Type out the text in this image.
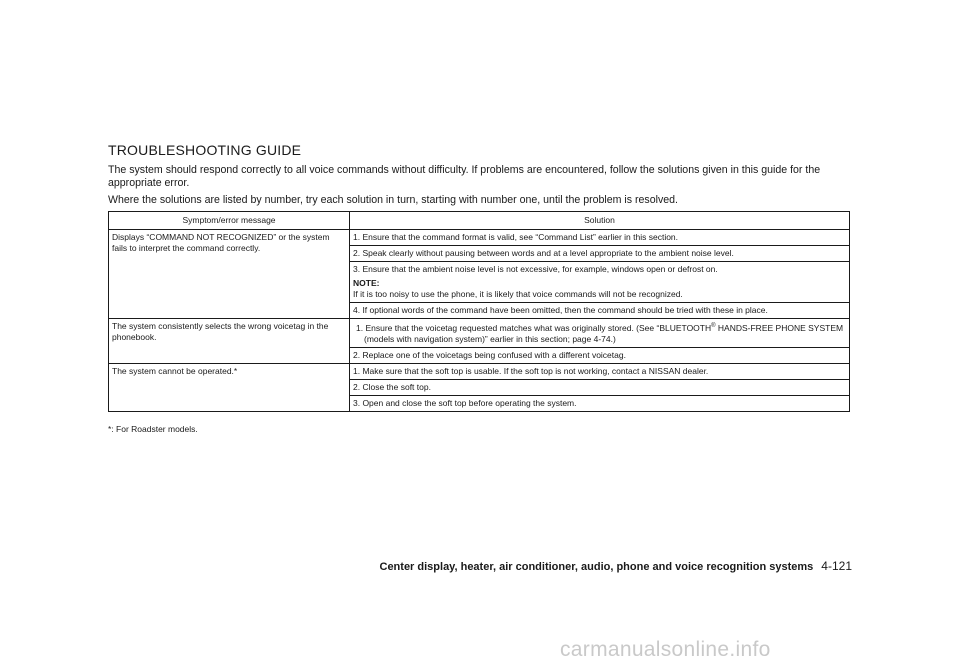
TROUBLESHOOTING GUIDE
The system should respond correctly to all voice commands without difficulty. If problems are encountered, follow the solutions given in this guide for the appropriate error.
Where the solutions are listed by number, try each solution in turn, starting with number one, until the problem is resolved.
Symptom/error message	Solution
Displays “COMMAND NOT RECOGNIZED” or the system fails to interpret the command correctly.	1. Ensure that the command format is valid, see “Command List” earlier in this section.
	2. Speak clearly without pausing between words and at a level appropriate to the ambient noise level.
	3. Ensure that the ambient noise level is not excessive, for example, windows open or defrost on.
NOTE:
If it is too noisy to use the phone, it is likely that voice commands will not be recognized.
	4. If optional words of the command have been omitted, then the command should be tried with these in place.
The system consistently selects the wrong voicetag in the phonebook.	1. Ensure that the voicetag requested matches what was originally stored. (See “BLUETOOTH® HANDS-FREE PHONE SYSTEM (models with navigation system)” earlier in this section; page 4-74.)

	2. Replace one of the voicetags being confused with a different voicetag.
The system cannot be operated.*	1. Make sure that the soft top is usable. If the soft top is not working, contact a NISSAN dealer.
	2. Close the soft top.
	3. Open and close the soft top before operating the system.
*: For Roadster models.
Center display, heater, air conditioner, audio, phone and voice recognition systems 4-121
carmanualsonline.info
